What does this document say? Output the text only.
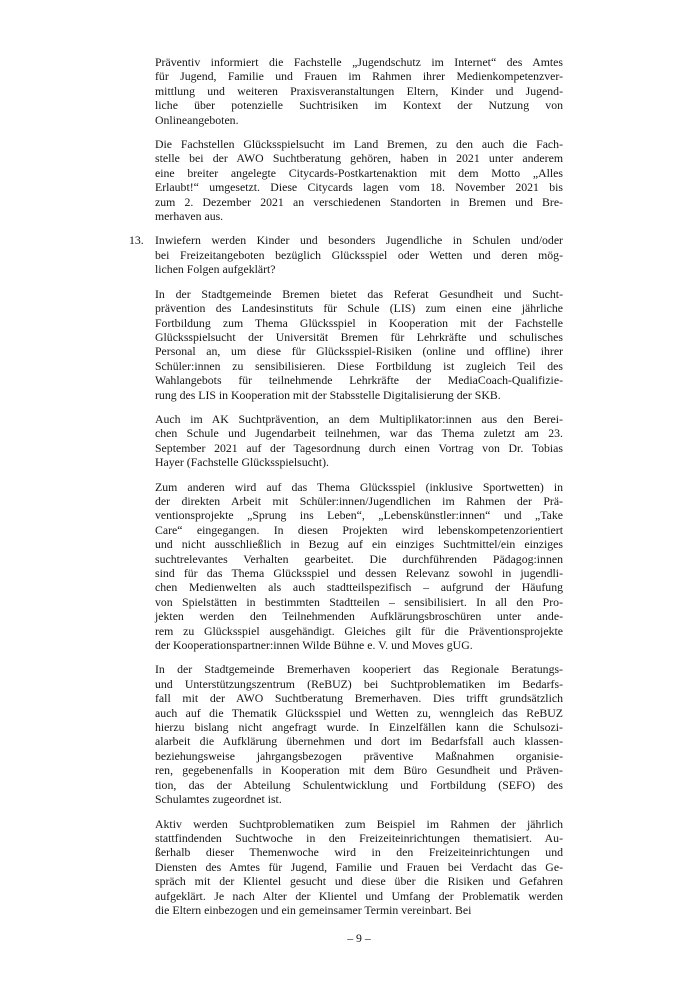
Präventiv informiert die Fachstelle „Jugendschutz im Internet“ des Amtes
für Jugend, Familie und Frauen im Rahmen ihrer Medienkompetenzver-
mittlung und weiteren Praxisveranstaltungen Eltern, Kinder und Jugend-
liche über potenzielle Suchtrisiken im Kontext der Nutzung von
Onlineangeboten.
Die Fachstellen Glücksspielsucht im Land Bremen, zu den auch die Fach-
stelle bei der AWO Suchtberatung gehören, haben in 2021 unter anderem
eine breiter angelegte Citycards-Postkartenaktion mit dem Motto „Alles
Erlaubt!“ umgesetzt. Diese Citycards lagen vom 18. November 2021 bis
zum 2. Dezember 2021 an verschiedenen Standorten in Bremen und Bre-
merhaven aus.
13. Inwiefern werden Kinder und besonders Jugendliche in Schulen und/oder
bei Freizeitangeboten bezüglich Glücksspiel oder Wetten und deren mög-
lichen Folgen aufgeklärt?
In der Stadtgemeinde Bremen bietet das Referat Gesundheit und Sucht-
prävention des Landesinstituts für Schule (LIS) zum einen eine jährliche
Fortbildung zum Thema Glücksspiel in Kooperation mit der Fachstelle
Glücksspielsucht der Universität Bremen für Lehrkräfte und schulisches
Personal an, um diese für Glücksspiel-Risiken (online und offline) ihrer
Schüler:innen zu sensibilisieren. Diese Fortbildung ist zugleich Teil des
Wahlangebots für teilnehmende Lehrkräfte der MediaCoach-Qualifizie-
rung des LIS in Kooperation mit der Stabsstelle Digitalisierung der SKB.
Auch im AK Suchtprävention, an dem Multiplikator:innen aus den Berei-
chen Schule und Jugendarbeit teilnehmen, war das Thema zuletzt am 23.
September 2021 auf der Tagesordnung durch einen Vortrag von Dr. Tobias
Hayer (Fachstelle Glücksspielsucht).
Zum anderen wird auf das Thema Glücksspiel (inklusive Sportwetten) in
der direkten Arbeit mit Schüler:innen/Jugendlichen im Rahmen der Prä-
ventionsprojekte „Sprung ins Leben“, „Lebenskünstler:innen“ und „Take
Care“ eingegangen. In diesen Projekten wird lebenskompetenzorientiert
und nicht ausschließlich in Bezug auf ein einziges Suchtmittel/ein einziges
suchtrelevantes Verhalten gearbeitet. Die durchführenden Pädagog:innen
sind für das Thema Glücksspiel und dessen Relevanz sowohl in jugendli-
chen Medienwelten als auch stadtteilspezifisch – aufgrund der Häufung
von Spielstätten in bestimmten Stadtteilen – sensibilisiert. In all den Pro-
jekten werden den Teilnehmenden Aufklärungsbroschüren unter ande-
rem zu Glücksspiel ausgehändigt. Gleiches gilt für die Präventionsprojekte
der Kooperationspartner:innen Wilde Bühne e. V. und Moves gUG.
In der Stadtgemeinde Bremerhaven kooperiert das Regionale Beratungs-
und Unterstützungszentrum (ReBUZ) bei Suchtproblematiken im Bedarfs-
fall mit der AWO Suchtberatung Bremerhaven. Dies trifft grundsätzlich
auch auf die Thematik Glücksspiel und Wetten zu, wenngleich das ReBUZ
hierzu bislang nicht angefragt wurde. In Einzelfällen kann die Schulsozi-
alarbeit die Aufklärung übernehmen und dort im Bedarfsfall auch klassen-
beziehungsweise jahrgangsbezogen präventive Maßnahmen organisie-
ren, gegebenenfalls in Kooperation mit dem Büro Gesundheit und Präven-
tion, das der Abteilung Schulentwicklung und Fortbildung (SEFO) des
Schulamtes zugeordnet ist.
Aktiv werden Suchtproblematiken zum Beispiel im Rahmen der jährlich
stattfindenden Suchtwoche in den Freizeiteinrichtungen thematisiert. Au-
ßerhalb dieser Themenwoche wird in den Freizeiteinrichtungen und
Diensten des Amtes für Jugend, Familie und Frauen bei Verdacht das Ge-
spräch mit der Klientel gesucht und diese über die Risiken und Gefahren
aufgeklärt. Je nach Alter der Klientel und Umfang der Problematik werden
die Eltern einbezogen und ein gemeinsamer Termin vereinbart. Bei
– 9 –
